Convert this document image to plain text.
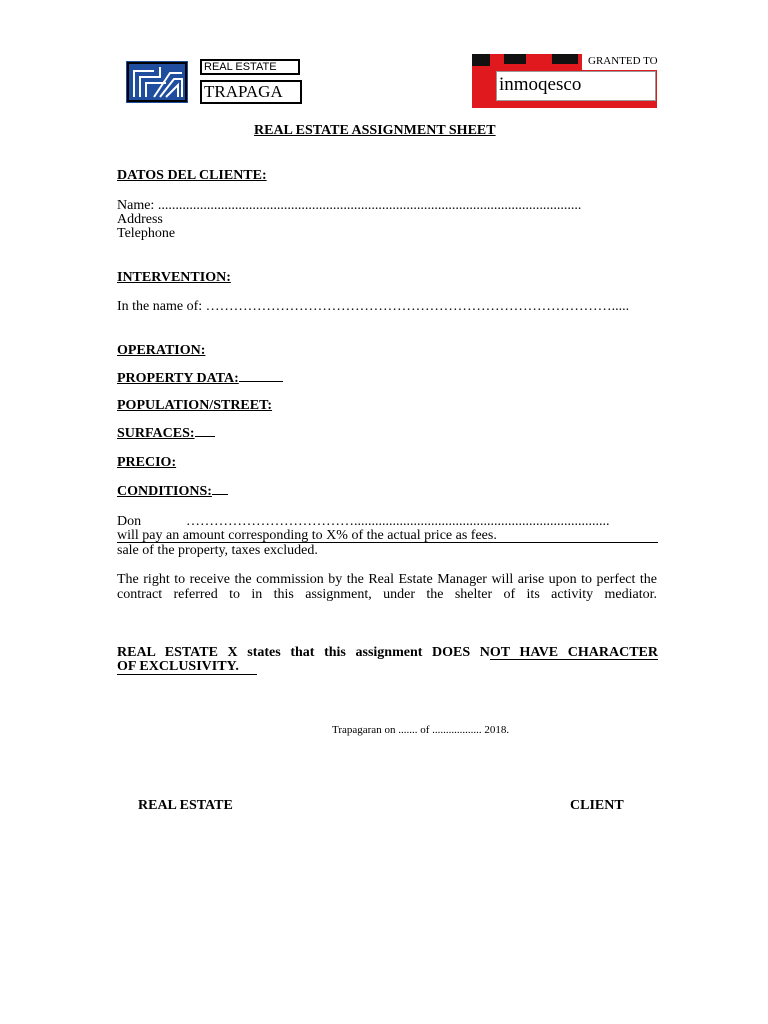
REAL ESTATE
TRAPAGA
GRANTED TO
inmoqesco
REAL ESTATE ASSIGNMENT SHEET
DATOS DEL CLIENTE:
Name: .........................................................................................................................
Address
Telephone
INTERVENTION:
In the name of: …………………………………………………………………………….....
OPERATION:
PROPERTY DATA:
POPULATION/STREET:
SURFACES:
PRECIO:
CONDITIONS:
Don	……………………………….........................................................................
will pay an amount corresponding to X% of the actual price as fees.
sale of the property, taxes excluded.
The right to receive the commission by the Real Estate Manager will arise upon to perfect the contract referred to in this assignment, under the shelter of its activity mediator.
REAL ESTATE X states that this assignment DOES NOT HAVE CHARACTER
OF EXCLUSIVITY.
Trapagaran on ....... of .................. 2018.
REAL ESTATE	CLIENT
